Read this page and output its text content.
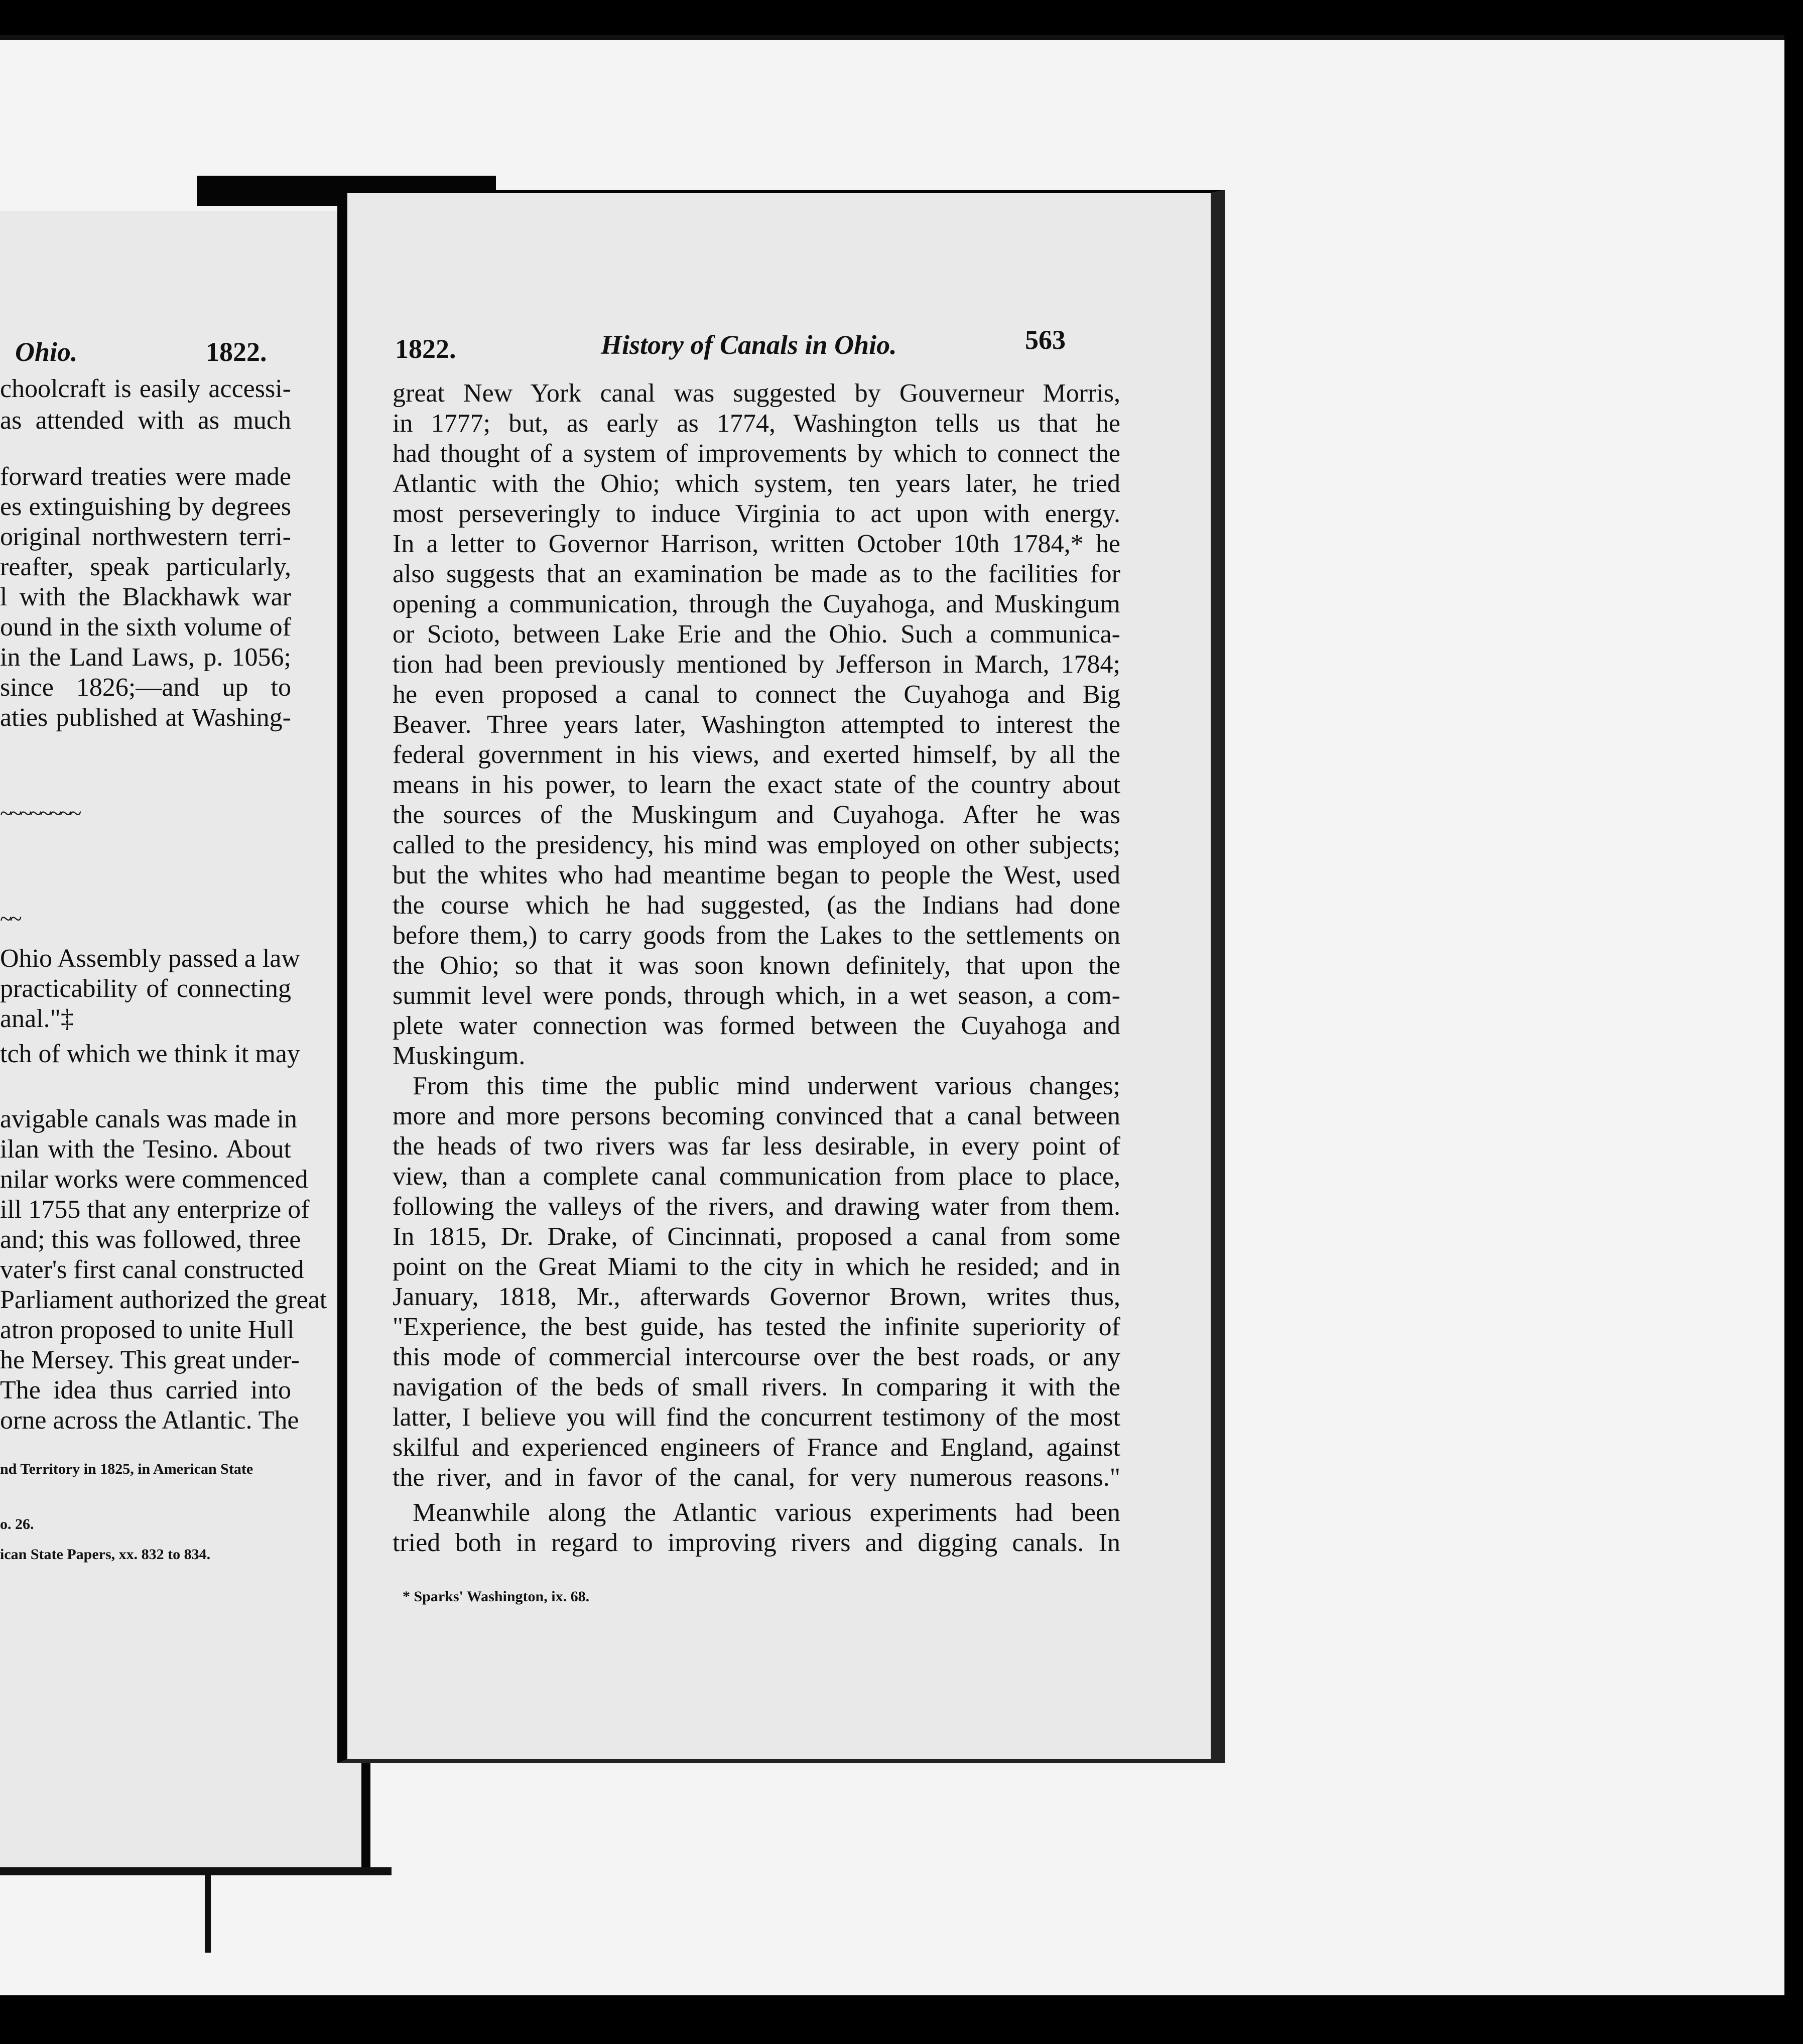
Ohio.	1822.
choolcraft is easily accessi-
as attended with as much
forward treaties were made
es extinguishing by degrees
original northwestern terri-
reafter, speak particularly,
l with the Blackhawk war
ound in the sixth volume of
in the Land Laws, p. 1056;
since 1826;—and up to
aties published at Washing-
~~~~~~~~
~~
Ohio Assembly passed a law
practicability of connecting
anal."‡
tch of which we think it may
avigable canals was made in
ilan with the Tesino. About
nilar works were commenced
ill 1755 that any enterprize of
and; this was followed, three
vater's first canal constructed
Parliament authorized the great
atron proposed to unite Hull
he Mersey. This great under-
The idea thus carried into
orne across the Atlantic. The
nd Territory in 1825, in American State
o. 26.
ican State Papers, xx. 832 to 834.
1822.	History of Canals in Ohio.	563
great New York canal was suggested by Gouverneur Morris,
in 1777; but, as early as 1774, Washington tells us that he
had thought of a system of improvements by which to connect the
Atlantic with the Ohio; which system, ten years later, he tried
most perseveringly to induce Virginia to act upon with energy.
In a letter to Governor Harrison, written October 10th 1784,* he
also suggests that an examination be made as to the facilities for
opening a communication, through the Cuyahoga, and Muskingum
or Scioto, between Lake Erie and the Ohio. Such a communica-
tion had been previously mentioned by Jefferson in March, 1784;
he even proposed a canal to connect the Cuyahoga and Big
Beaver. Three years later, Washington attempted to interest the
federal government in his views, and exerted himself, by all the
means in his power, to learn the exact state of the country about
the sources of the Muskingum and Cuyahoga. After he was
called to the presidency, his mind was employed on other subjects;
but the whites who had meantime began to people the West, used
the course which he had suggested, (as the Indians had done
before them,) to carry goods from the Lakes to the settlements on
the Ohio; so that it was soon known definitely, that upon the
summit level were ponds, through which, in a wet season, a com-
plete water connection was formed between the Cuyahoga and
Muskingum.
From this time the public mind underwent various changes;
more and more persons becoming convinced that a canal between
the heads of two rivers was far less desirable, in every point of
view, than a complete canal communication from place to place,
following the valleys of the rivers, and drawing water from them.
In 1815, Dr. Drake, of Cincinnati, proposed a canal from some
point on the Great Miami to the city in which he resided; and in
January, 1818, Mr., afterwards Governor Brown, writes thus,
"Experience, the best guide, has tested the infinite superiority of
this mode of commercial intercourse over the best roads, or any
navigation of the beds of small rivers. In comparing it with the
latter, I believe you will find the concurrent testimony of the most
skilful and experienced engineers of France and England, against
the river, and in favor of the canal, for very numerous reasons."
Meanwhile along the Atlantic various experiments had been
tried both in regard to improving rivers and digging canals. In
* Sparks' Washington, ix. 68.
